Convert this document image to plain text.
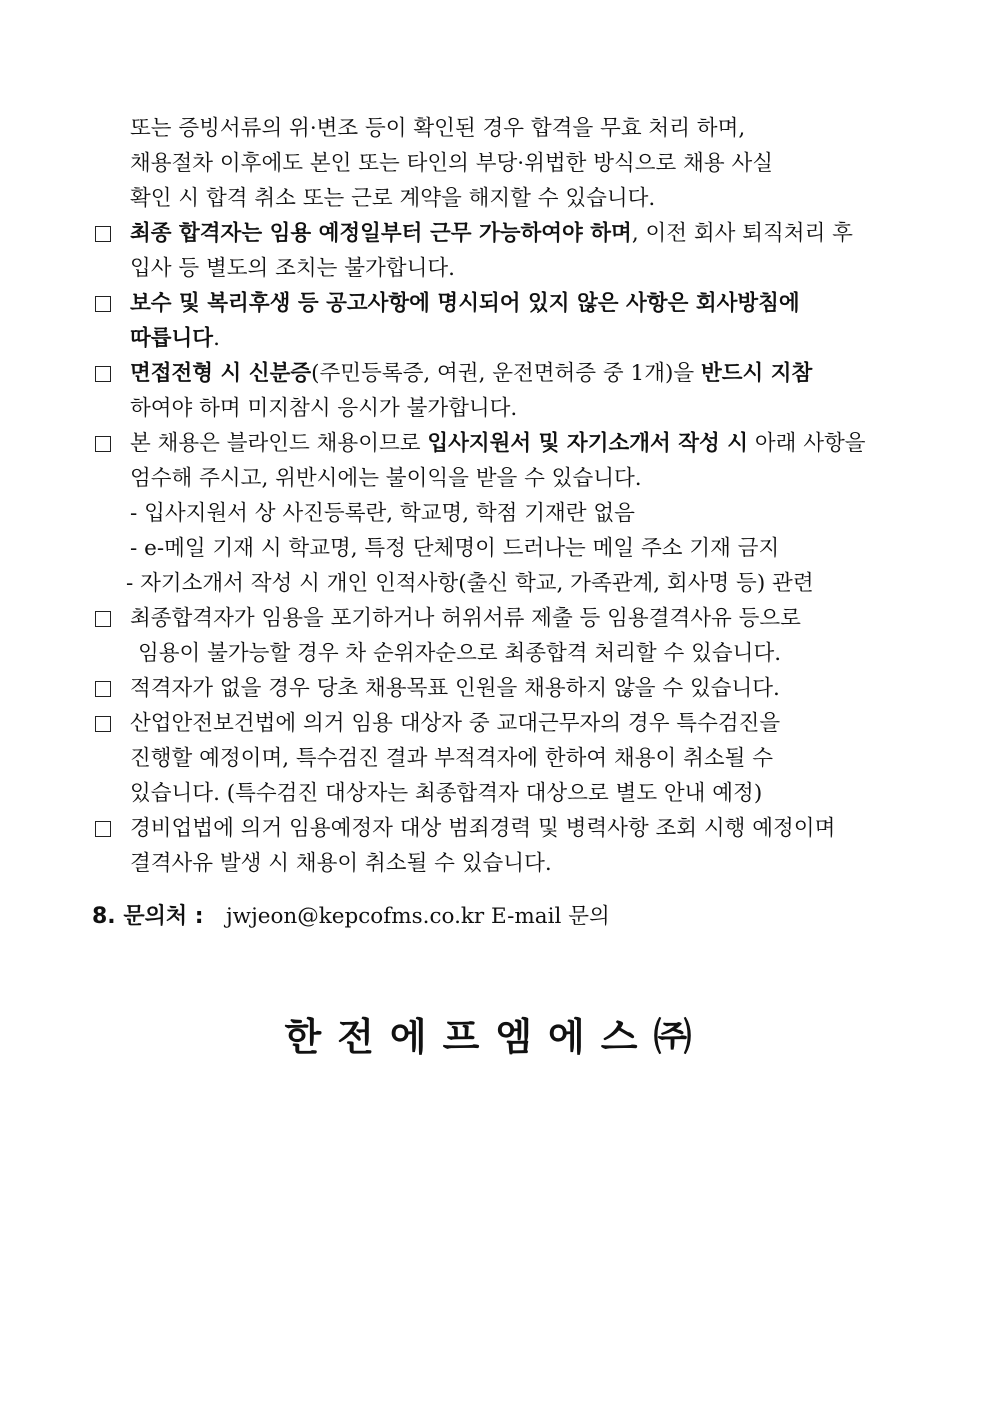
또는 증빙서류의 위·변조 등이 확인된 경우 합격을 무효 처리 하며,
채용절차 이후에도 본인 또는 타인의 부당·위법한 방식으로 채용 사실
확인 시 합격 취소 또는 근로 계약을 해지할 수 있습니다.
최종 합격자는 임용 예정일부터 근무 가능하여야 하며, 이전 회사 퇴직처리 후
입사 등 별도의 조치는 불가합니다.
보수 및 복리후생 등 공고사항에 명시되어 있지 않은 사항은 회사방침에
따릅니다.
면접전형 시 신분증(주민등록증, 여권, 운전면허증 중 1개)을 반드시 지참
하여야 하며 미지참시 응시가 불가합니다.
본 채용은 블라인드 채용이므로 입사지원서 및 자기소개서 작성 시 아래 사항을
엄수해 주시고, 위반시에는 불이익을 받을 수 있습니다.
- 입사지원서 상 사진등록란, 학교명, 학점 기재란 없음
- e-메일 기재 시 학교명, 특정 단체명이 드러나는 메일 주소 기재 금지
- 자기소개서 작성 시 개인 인적사항(출신 학교, 가족관계, 회사명 등) 관련
최종합격자가 임용을 포기하거나 허위서류 제출 등 임용결격사유 등으로
임용이 불가능할 경우 차 순위자순으로 최종합격 처리할 수 있습니다.
적격자가 없을 경우 당초 채용목표 인원을 채용하지 않을 수 있습니다.
산업안전보건법에 의거 임용 대상자 중 교대근무자의 경우 특수검진을
진행할 예정이며, 특수검진 결과 부적격자에 한하여 채용이 취소될 수
있습니다. (특수검진 대상자는 최종합격자 대상으로 별도 안내 예정)
경비업법에 의거 임용예정자 대상 범죄경력 및 병력사항 조회 시행 예정이며
결격사유 발생 시 채용이 취소될 수 있습니다.
8. 문의처 : jwjeon@kepcofms.co.kr E-mail 문의
한전에프엠에스㈜
